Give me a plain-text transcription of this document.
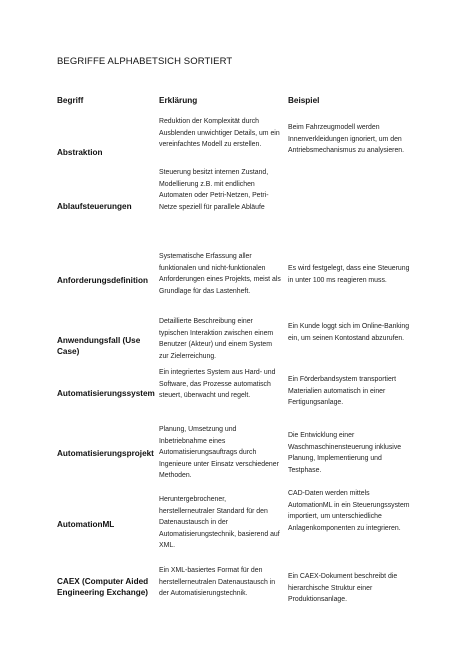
BEGRIFFE ALPHABETSICH SORTIERT
Begriff	Erklärung	Beispiel
Abstraktion
Reduktion der Komplexität durch Ausblenden unwichtiger Details, um ein vereinfachtes Modell zu erstellen.
Beim Fahrzeugmodell werden Innenverkleidungen ignoriert, um den Antriebsmechanismus zu analysieren.
Ablaufsteuerungen
Steuerung besitzt internen Zustand, Modellierung z.B. mit endlichen Automaten oder Petri-Netzen, Petri-Netze speziell für parallele Abläufe
Anforderungsdefinition
Systematische Erfassung aller funktionalen und nicht-funktionalen Anforderungen eines Projekts, meist als Grundlage für das Lastenheft.
Es wird festgelegt, dass eine Steuerung in unter 100 ms reagieren muss.
Anwendungsfall (Use Case)
Detaillierte Beschreibung einer typischen Interaktion zwischen einem Benutzer (Akteur) und einem System zur Zielerreichung.
Ein Kunde loggt sich im Online-Banking ein, um seinen Kontostand abzurufen.
Automatisierungssystem
Ein integriertes System aus Hard- und Software, das Prozesse automatisch steuert, überwacht und regelt.
Ein Förderbandsystem transportiert Materialien automatisch in einer Fertigungsanlage.
Automatisierungsprojekt
Planung, Umsetzung und Inbetriebnahme eines Automatisierungsauftrags durch Ingenieure unter Einsatz verschiedener Methoden.
Die Entwicklung einer Waschmaschinensteuerung inklusive Planung, Implementierung und Testphase.
AutomationML
Heruntergebrochener, herstellerneutraler Standard für den Datenaustausch in der Automatisierungstechnik, basierend auf XML.
CAD-Daten werden mittels AutomationML in ein Steuerungssystem importiert, um unterschiedliche Anlagenkomponenten zu integrieren.
CAEX (Computer Aided Engineering Exchange)
Ein XML-basiertes Format für den herstellerneutralen Datenaustausch in der Automatisierungstechnik.
Ein CAEX-Dokument beschreibt die hierarchische Struktur einer Produktionsanlage.
